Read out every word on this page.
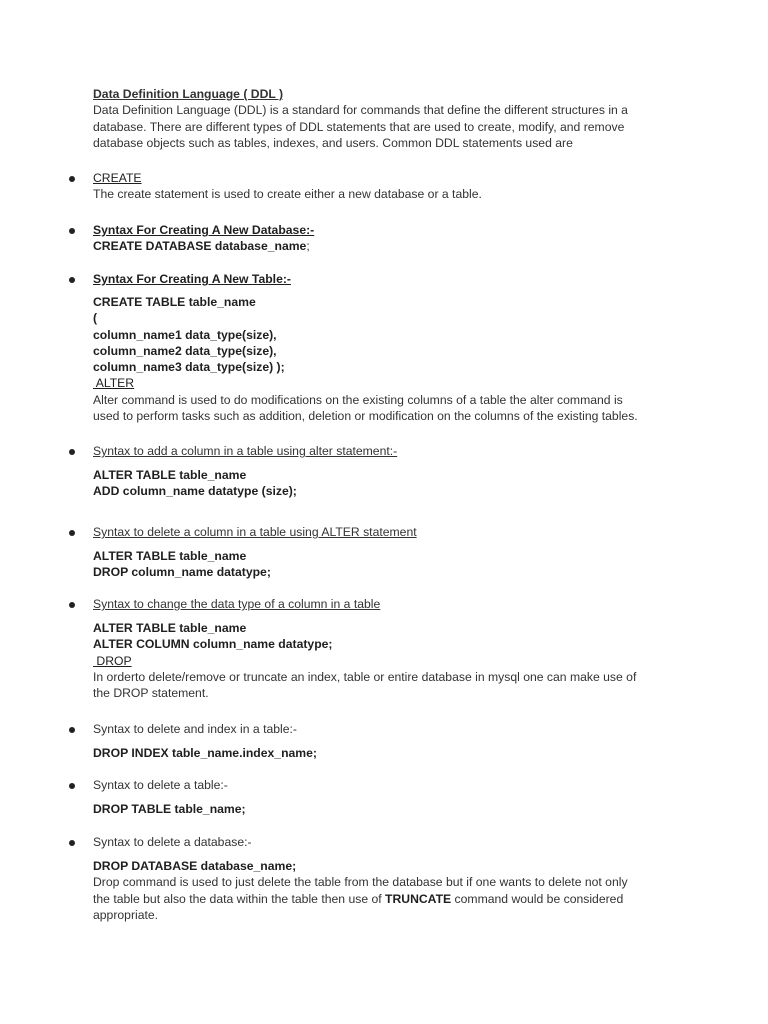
Data Definition Language ( DDL )
Data Definition Language (DDL) is a standard for commands that define the different structures in a
database. There are different types of DDL statements that are used to create, modify, and remove
database objects such as tables, indexes, and users. Common DDL statements used are
CREATE
The create statement is used to create either a new database or a table.
Syntax For Creating A New Database:-
CREATE DATABASE database_name;
Syntax For Creating A New Table:-
CREATE TABLE table_name
(
column_name1 data_type(size),
column_name2 data_type(size),
column_name3 data_type(size) );
ALTER
Alter command is used to do modifications on the existing columns of a table the alter command is
used to perform tasks such as addition, deletion or modification on the columns of the existing tables.
Syntax to add a column in a table using alter statement:-
ALTER TABLE table_name
ADD column_name datatype (size);
Syntax to delete a column in a table using ALTER statement
ALTER TABLE table_name
DROP column_name datatype;
Syntax to change the data type of a column in a table
ALTER TABLE table_name
ALTER COLUMN column_name datatype;
DROP
In orderto delete/remove or truncate an index, table or entire database in mysql one can make use of
the DROP statement.
Syntax to delete and index in a table:-
DROP INDEX table_name.index_name;
Syntax to delete a table:-
DROP TABLE table_name;
Syntax to delete a database:-
DROP DATABASE database_name;
Drop command is used to just delete the table from the database but if one wants to delete not only
the table but also the data within the table then use of TRUNCATE command would be considered
appropriate.
